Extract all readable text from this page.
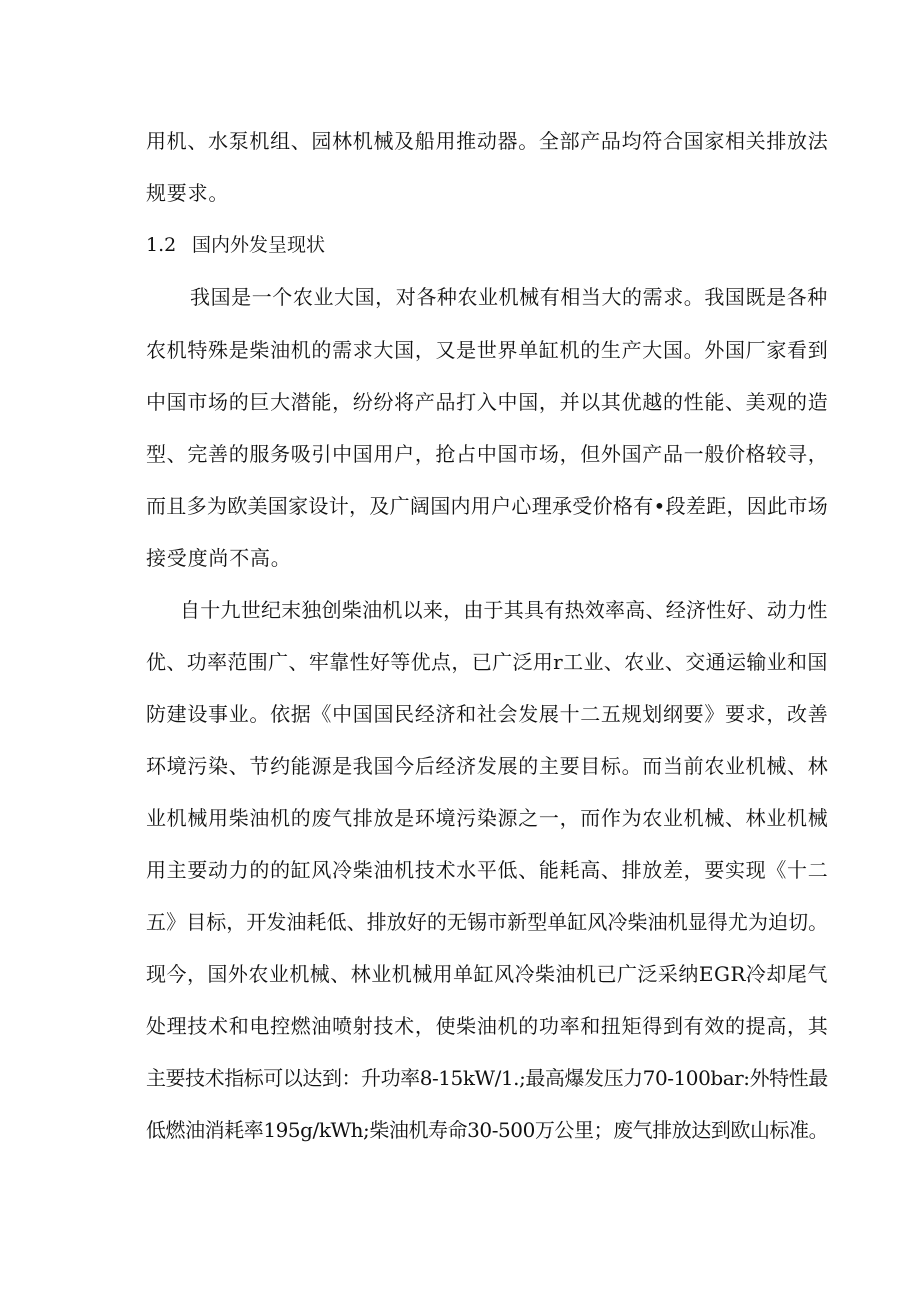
用机、水泵机组、园林机械及船用推动器。全部产品均符合国家相关排放法
规要求。
1.2 国内外发呈现状
我国是一个农业大国，对各种农业机械有相当大的需求。我国既是各种
农机特殊是柴油机的需求大国，又是世界单缸机的生产大国。外国厂家看到
中国市场的巨大潜能，纷纷将产品打入中国，并以其优越的性能、美观的造
型、完善的服务吸引中国用户，抢占中国市场，但外国产品一般价格较寻，
而且多为欧美国家设计，及广阔国内用户心理承受价格有•段差距，因此市场
接受度尚不高。
自十九世纪末独创柴油机以来，由于其具有热效率高、经济性好、动力性
优、功率范围广、牢靠性好等优点，已广泛用r工业、农业、交通运输业和国
防建设事业。依据《中国国民经济和社会发展十二五规划纲要》要求，改善
环境污染、节约能源是我国今后经济发展的主要目标。而当前农业机械、林
业机械用柴油机的废气排放是环境污染源之一，而作为农业机械、林业机械
用主要动力的的缸风冷柴油机技术水平低、能耗高、排放差，要实现《十二
五》目标，开发油耗低、排放好的无锡市新型单缸风冷柴油机显得尤为迫切。
现今，国外农业机械、林业机械用单缸风冷柴油机已广泛采纳EGR冷却尾气
处理技术和电控燃油喷射技术，使柴油机的功率和扭矩得到有效的提高，其
主要技术指标可以达到：升功率8-15kW/1.;最高爆发压力70-100bar:外特性最
低燃油消耗率195g/kWh;柴油机寿命30-500万公里；废气排放达到欧山标准。
